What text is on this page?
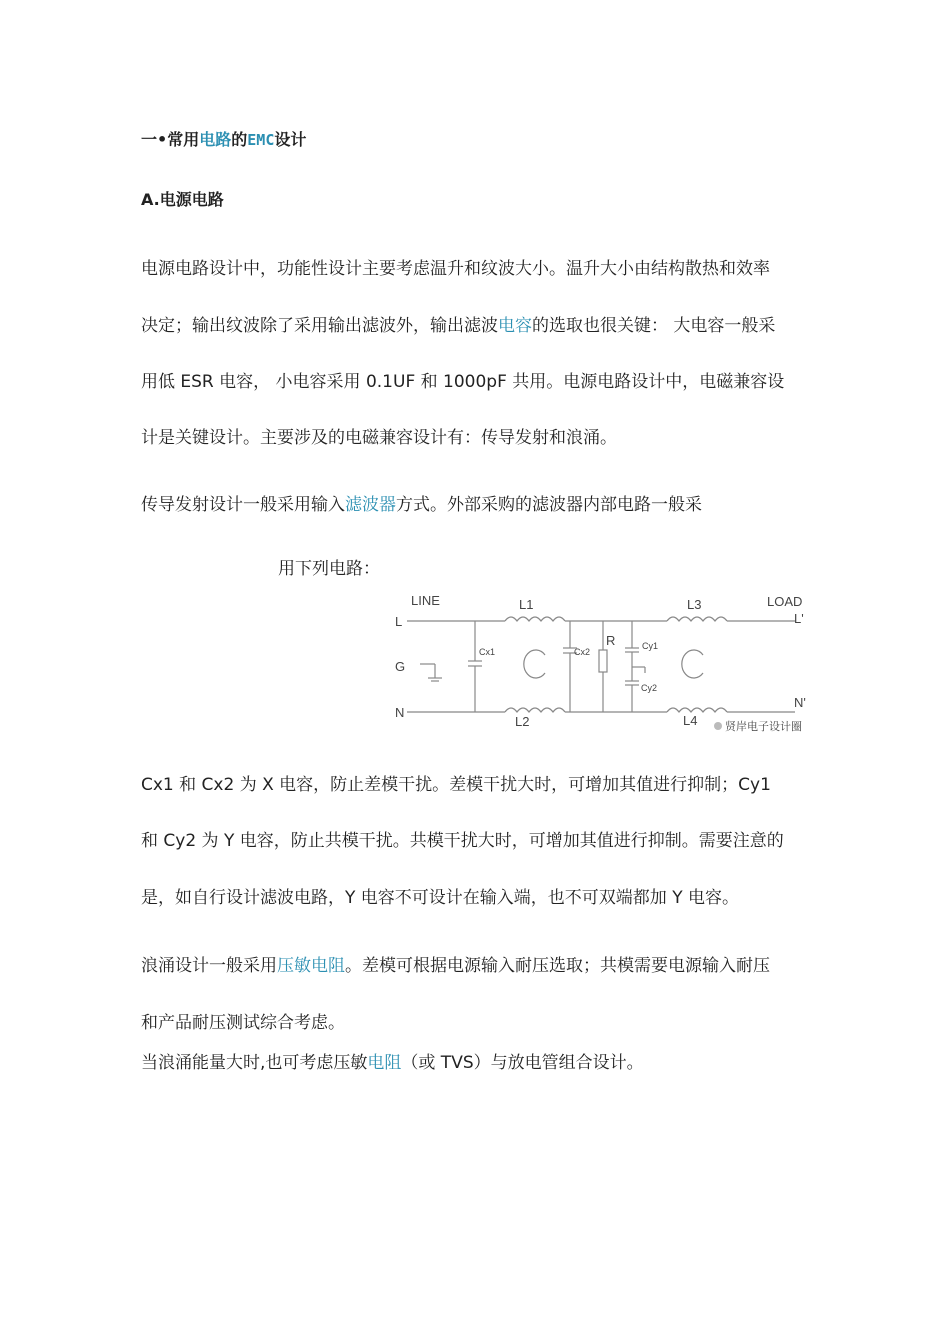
一•常用电路的EMC设计
A.电源电路
电源电路设计中，功能性设计主要考虑温升和纹波大小。温升大小由结构散热和效率
决定；输出纹波除了采用输出滤波外，输出滤波电容的选取也很关键： 大电容一般采
用低 ESR 电容， 小电容采用 0.1UF 和 1000pF 共用。电源电路设计中，电磁兼容设
计是关键设计。主要涉及的电磁兼容设计有：传导发射和浪涌。
传导发射设计一般采用输入滤波器方式。外部采购的滤波器内部电路一般采
用下列电路：
LINE	LOAD
L
G
N
L'
N'
L1
L2
L3
L4
R
Cx1	Cx2
Cy1
Cy2
贤岸电子设计圈
Cx1 和 Cx2 为 X 电容，防止差模干扰。差模干扰大时，可增加其值进行抑制；Cy1
和 Cy2 为 Y 电容，防止共模干扰。共模干扰大时，可增加其值进行抑制。需要注意的
是，如自行设计滤波电路，Y 电容不可设计在输入端，也不可双端都加 Y 电容。
浪涌设计一般采用压敏电阻。差模可根据电源输入耐压选取；共模需要电源输入耐压
和产品耐压测试综合考虑。
当浪涌能量大时,也可考虑压敏电阻（或 TVS）与放电管组合设计。
